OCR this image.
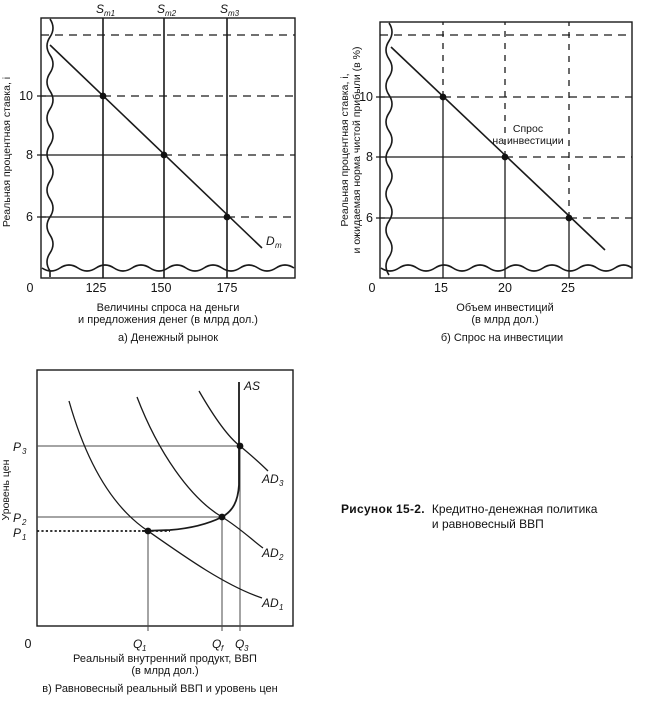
S m1	S m2	S m3
D m
Реальная процентная ставка, i 10
8
6
0	125	150	175
Величины спроса на деньги
и предложения денег (в млрд дол.)
а) Денежный рынок
Спрос
на инвестиции
Реальная процентная ставка, i, и ожидаемая норма чистой прибыли (в %)
10
8
6
0	15	20	25
Объем инвестиций
(в млрд дол.)
б) Спрос на инвестиции
AS
AD 3
AD 2
AD 1
Уровень цен
P 3
P 2
P 1
0	Q 1	Q f Q 3
Реальный внутренний продукт, ВВП
(в млрд дол.)
в) Равновесный реальный ВВП и уровень цен
Рисунок 15-2. Кредитно-денежная политика
и равновесный ВВП
